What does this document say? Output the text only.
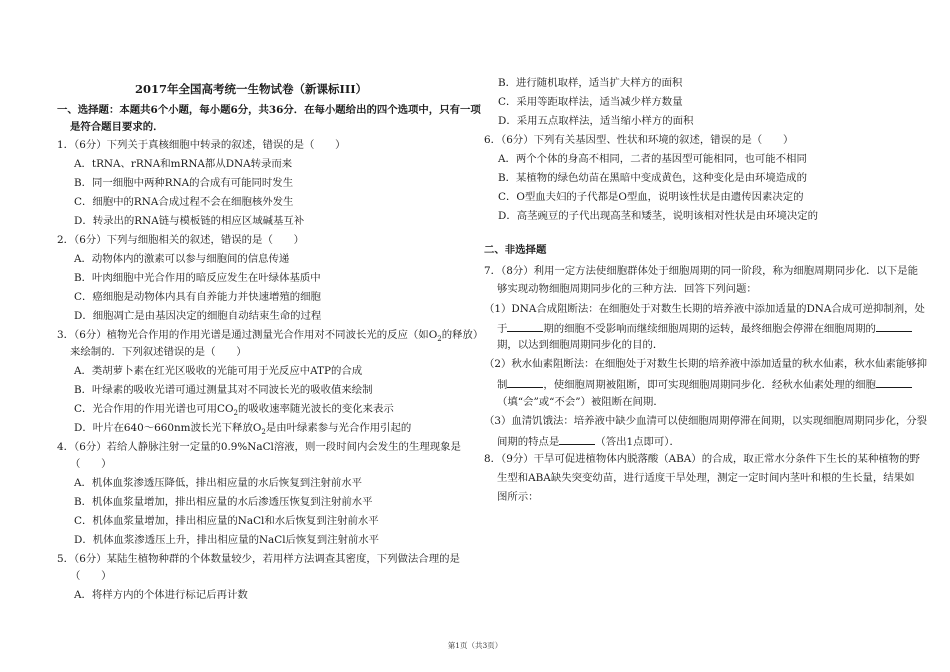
2017年全国高考统一生物试卷（新课标III）
一、选择题：本题共6个小题，每小题6分，共36分．在每小题给出的四个选项中，只有一项
是符合题目要求的．
1．（6分）下列关于真核细胞中转录的叙述，错误的是（　　）
A．tRNA、rRNA和mRNA都从DNA转录而来
B．同一细胞中两种RNA的合成有可能同时发生
C．细胞中的RNA合成过程不会在细胞核外发生
D．转录出的RNA链与模板链的相应区域碱基互补
2．（6分）下列与细胞相关的叙述，错误的是（　　）
A．动物体内的激素可以参与细胞间的信息传递
B．叶肉细胞中光合作用的暗反应发生在叶绿体基质中
C．癌细胞是动物体内具有自养能力并快速增殖的细胞
D．细胞凋亡是由基因决定的细胞自动结束生命的过程
3．（6分）植物光合作用的作用光谱是通过测量光合作用对不同波长光的反应（如$O_2$的释放）
来绘制的．下列叙述错误的是（　　）
A．类胡萝卜素在红光区吸收的光能可用于光反应中ATP的合成
B．叶绿素的吸收光谱可通过测量其对不同波长光的吸收值来绘制
C．光合作用的作用光谱也可用$CO_2$的吸收速率随光波长的变化来表示
D．叶片在640～660nm波长光下释放$O_2$是由叶绿素参与光合作用引起的
4．（6分）若给人静脉注射一定量的0.9%NaCl溶液，则一段时间内会发生的生理现象是
（　　）
A．机体血浆渗透压降低，排出相应量的水后恢复到注射前水平
B．机体血浆量增加，排出相应量的水后渗透压恢复到注射前水平
C．机体血浆量增加，排出相应量的NaCl和水后恢复到注射前水平
D．机体血浆渗透压上升，排出相应量的NaCl后恢复到注射前水平
5．（6分）某陆生植物种群的个体数量较少，若用样方法调查其密度，下列做法合理的是
（　　）
A．将样方内的个体进行标记后再计数
B．进行随机取样，适当扩大样方的面积
C．采用等距取样法，适当减少样方数量
D．采用五点取样法，适当缩小样方的面积
6．（6分）下列有关基因型、性状和环境的叙述，错误的是（　　）
A．两个个体的身高不相同，二者的基因型可能相同，也可能不相同
B．某植物的绿色幼苗在黑暗中变成黄色，这种变化是由环境造成的
C．O型血夫妇的子代都是O型血，说明该性状是由遗传因素决定的
D．高茎豌豆的子代出现高茎和矮茎，说明该相对性状是由环境决定的
二、非选择题
7．（8分）利用一定方法使细胞群体处于细胞周期的同一阶段，称为细胞周期同步化．以下是能
够实现动物细胞周期同步化的三种方法．回答下列问题：
（1）DNA合成阻断法：在细胞处于对数生长期的培养液中添加适量的DNA合成可逆抑制剂，处
于	期的细胞不受影响而继续细胞周期的运转，最终细胞会停滞在细胞周期的
期，以达到细胞周期同步化的目的．
（2）秋水仙素阻断法：在细胞处于对数生长期的培养液中添加适量的秋水仙素，秋水仙素能够抑
制	，使细胞周期被阻断，即可实现细胞周期同步化．经秋水仙素处理的细胞
（填“会”或“不会”）被阻断在间期．
（3）血清饥饿法：培养液中缺少血清可以使细胞周期停滞在间期，以实现细胞周期同步化，分裂
间期的特点是	（答出1点即可）．
8．（9分）干旱可促进植物体内脱落酸（ABA）的合成，取正常水分条件下生长的某种植物的野
生型和ABA缺失突变幼苗，进行适度干旱处理，测定一定时间内茎叶和根的生长量，结果如
图所示：
第1页（共3页）
